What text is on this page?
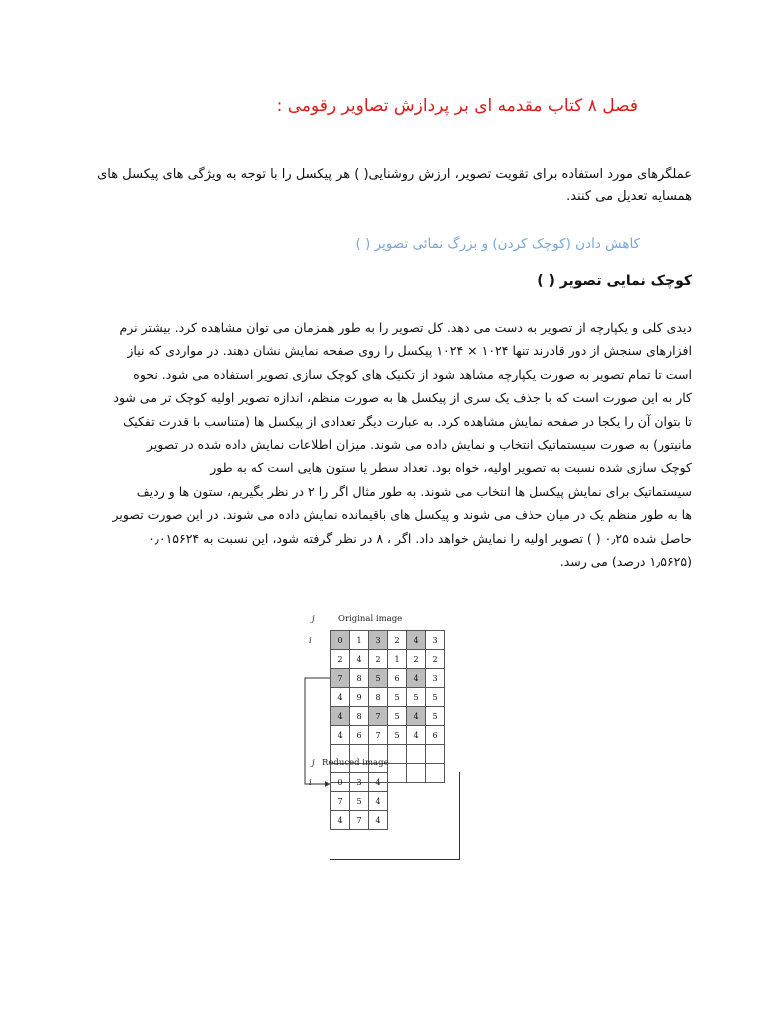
فصل ۸ کتاب مقدمه ای بر پردازش تصاویر رقومی :
عملگرهای مورد استفاده برای تقویت تصویر، ارزش روشنایی( ) هر پیکسل را با توجه به ویژگی های پیکسل های همسایه تعدیل می کنند.
کاهش دادن (کوچک کردن) و بزرگ نمائی تصویر ( )
کوچک نمایی تصویر ( )

دیدی کلی و یکپارچه از تصویر به دست می دهد. کل تصویر را به طور همزمان می توان مشاهده کرد. بیشتر نرم

افزارهای سنجش از دور قادرند تنها ۱۰۲۴ × ۱۰۲۴ پیکسل را روی صفحه نمایش نشان دهند. در مواردی که نیاز

است تا تمام تصویر به صورت یکپارچه مشاهد شود از تکنیک های کوچک سازی تصویر استفاده می شود. نحوه

کار به این صورت است که با جذف یک سری از پیکسل ها به صورت منظم، اندازه تصویر اولیه کوچک تر می شود

تا بتوان آن را یکجا در صفحه نمایش مشاهده کرد. به عبارت دیگر تعدادی از پیکسل ها (متناسب با قدرت تفکیک

مانیتور) به صورت سیستماتیک انتخاب و نمایش داده می شوند. میزان اطلاعات نمایش داده شده در تصویر

کوچک سازی شده نسبت به تصویر اولیه، خواه بود. تعداد سطر یا ستون هایی است که به طور

سیستماتیک برای نمایش پیکسل ها انتخاب می شوند. به طور مثال اگر را ۲ در نظر بگیریم، ستون ها و ردیف

ها به طور منظم یک در میان حذف می شوند و پیکسل های باقیمانده نمایش داده می شوند. در این صورت تصویر

حاصل شده ۰٫۲۵ ( ) تصویر اولیه را نمایش خواهد داد. اگر ، ۸ در نظر گرفته شود، این نسبت به ۰٫۰۱۵۶۲۴

(۱٫۵۶۲۵ درصد) می رسد.

j	Original image
i	0	1	3	2	4	3
2	4	2	1	2	2
7	8	5	6	4	3
4	9	8	5	5	5
4	8	7	5	4	5
4	6	7	5	4	6

j Reduced image
i	0	3	4
7	5	4
4	7	4
